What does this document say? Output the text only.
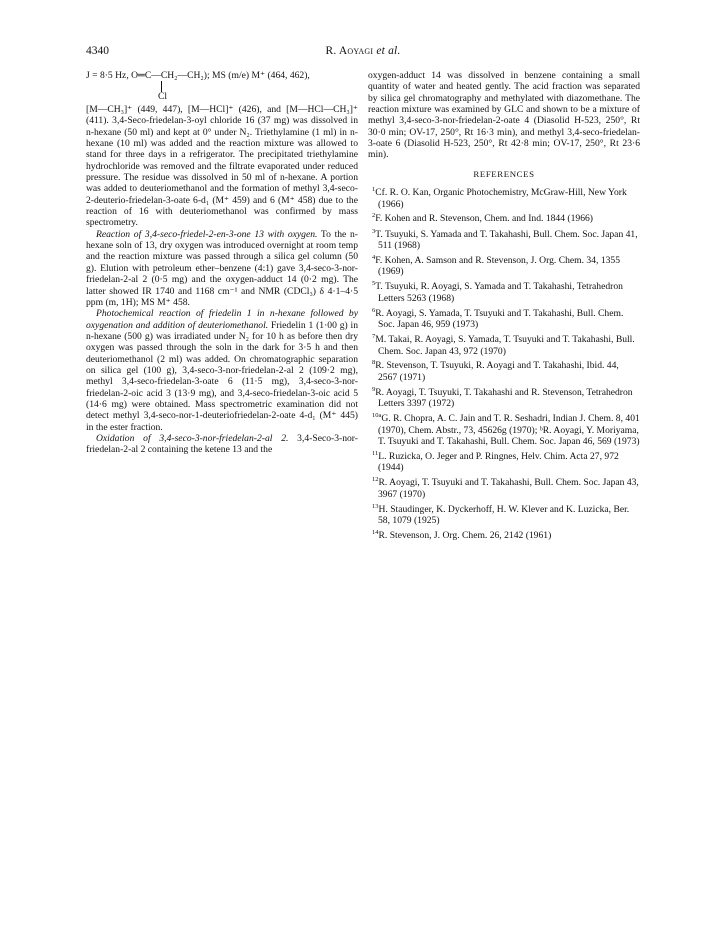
4340	R. Aoyagi et al.
J = 8·5 Hz, O═C—CH₂—CH₂); MS (m/e) M⁺ (464, 462),
Cl

[M—CH₃]⁺ (449, 447), [M—HCl]⁺ (426), and [M—HCl—CH₃]⁺ (411). 3,4-Seco-friedelan-3-oyl chloride 16 (37 mg) was dissolved in n-hexane (50 ml) and kept at 0° under N₂. Triethylamine (1 ml) in n-hexane (10 ml) was added and the reaction mixture was allowed to stand for three days in a refrigerator. The precipitated triethylamine hydrochloride was removed and the filtrate evaporated under reduced pressure. The residue was dissolved in 50 ml of n-hexane. A portion was added to deuteriomethanol and the formation of methyl 3,4-seco-2-deuterio-friedelan-3-oate 6-d₁ (M⁺ 459) and 6 (M⁺ 458) due to the reaction of 16 with deuteriomethanol was confirmed by mass spectrometry.

Reaction of 3,4-seco-friedel-2-en-3-one 13 with oxygen. To the n-hexane soln of 13, dry oxygen was introduced overnight at room temp and the reaction mixture was passed through a silica gel column (50 g). Elution with petroleum ether–benzene (4:1) gave 3,4-seco-3-nor-friedelan-2-al 2 (0·5 mg) and the oxygen-adduct 14 (0·2 mg). The latter showed IR 1740 and 1168 cm⁻¹ and NMR (CDCl₃) δ 4·1–4·5 ppm (m, 1H); MS M⁺ 458.

Photochemical reaction of friedelin 1 in n-hexane followed by oxygenation and addition of deuteriomethanol. Friedelin 1 (1·00 g) in n-hexane (500 g) was irradiated under N₂ for 10 h as before then dry oxygen was passed through the soln in the dark for 3·5 h and then deuteriomethanol (2 ml) was added. On chromatographic separation on silica gel (100 g), 3,4-seco-3-nor-friedelan-2-al 2 (109·2 mg), methyl 3,4-seco-friedelan-3-oate 6 (11·5 mg), 3,4-seco-3-nor-friedelan-2-oic acid 3 (13·9 mg), and 3,4-seco-friedelan-3-oic acid 5 (14·6 mg) were obtained. Mass spectrometric examination did not detect methyl 3,4-seco-nor-1-deuteriofriedelan-2-oate 4-d₁ (M⁺ 445) in the ester fraction.

Oxidation of 3,4-seco-3-nor-friedelan-2-al 2. 3,4-Seco-3-nor-friedelan-2-al 2 containing the ketene 13 and the

oxygen-adduct 14 was dissolved in benzene containing a small quantity of water and heated gently. The acid fraction was separated by silica gel chromatography and methylated with diazomethane. The reaction mixture was examined by GLC and shown to be a mixture of methyl 3,4-seco-3-nor-friedelan-2-oate 4 (Diasolid H-523, 250°, Rt 30·0 min; OV-17, 250°, Rt 16·3 min), and methyl 3,4-seco-friedelan-3-oate 6 (Diasolid H-523, 250°, Rt 42·8 min; OV-17, 250°, Rt 23·6 min).

REFERENCES
$^1$Cf. R. O. Kan, Organic Photochemistry, McGraw-Hill, New York (1966)
$^2$F. Kohen and R. Stevenson, Chem. and Ind. 1844 (1966)
$^3$T. Tsuyuki, S. Yamada and T. Takahashi, Bull. Chem. Soc. Japan 41, 511 (1968)
$^4$F. Kohen, A. Samson and R. Stevenson, J. Org. Chem. 34, 1355 (1969)
$^5$T. Tsuyuki, R. Aoyagi, S. Yamada and T. Takahashi, Tetrahedron Letters 5263 (1968)
$^6$R. Aoyagi, S. Yamada, T. Tsuyuki and T. Takahashi, Bull. Chem. Soc. Japan 46, 959 (1973)
$^7$M. Takai, R. Aoyagi, S. Yamada, T. Tsuyuki and T. Takahashi, Bull. Chem. Soc. Japan 43, 972 (1970)
$^8$R. Stevenson, T. Tsuyuki, R. Aoyagi and T. Takahashi, Ibid. 44, 2567 (1971)
$^9$R. Aoyagi, T. Tsuyuki, T. Takahashi and R. Stevenson, Tetrahedron Letters 3397 (1972)
$^{10a}$G. R. Chopra, A. C. Jain and T. R. Seshadri, Indian J. Chem. 8, 401 (1970), Chem. Abstr., 73, 45626g (1970); ᵇR. Aoyagi, Y. Moriyama, T. Tsuyuki and T. Takahashi, Bull. Chem. Soc. Japan 46, 569 (1973)
$^{11}$L. Ruzicka, O. Jeger and P. Ringnes, Helv. Chim. Acta 27, 972 (1944)
$^{12}$R. Aoyagi, T. Tsuyuki and T. Takahashi, Bull. Chem. Soc. Japan 43, 3967 (1970)
$^{13}$H. Staudinger, K. Dyckerhoff, H. W. Klever and K. Luzicka, Ber. 58, 1079 (1925)
$^{14}$R. Stevenson, J. Org. Chem. 26, 2142 (1961)
